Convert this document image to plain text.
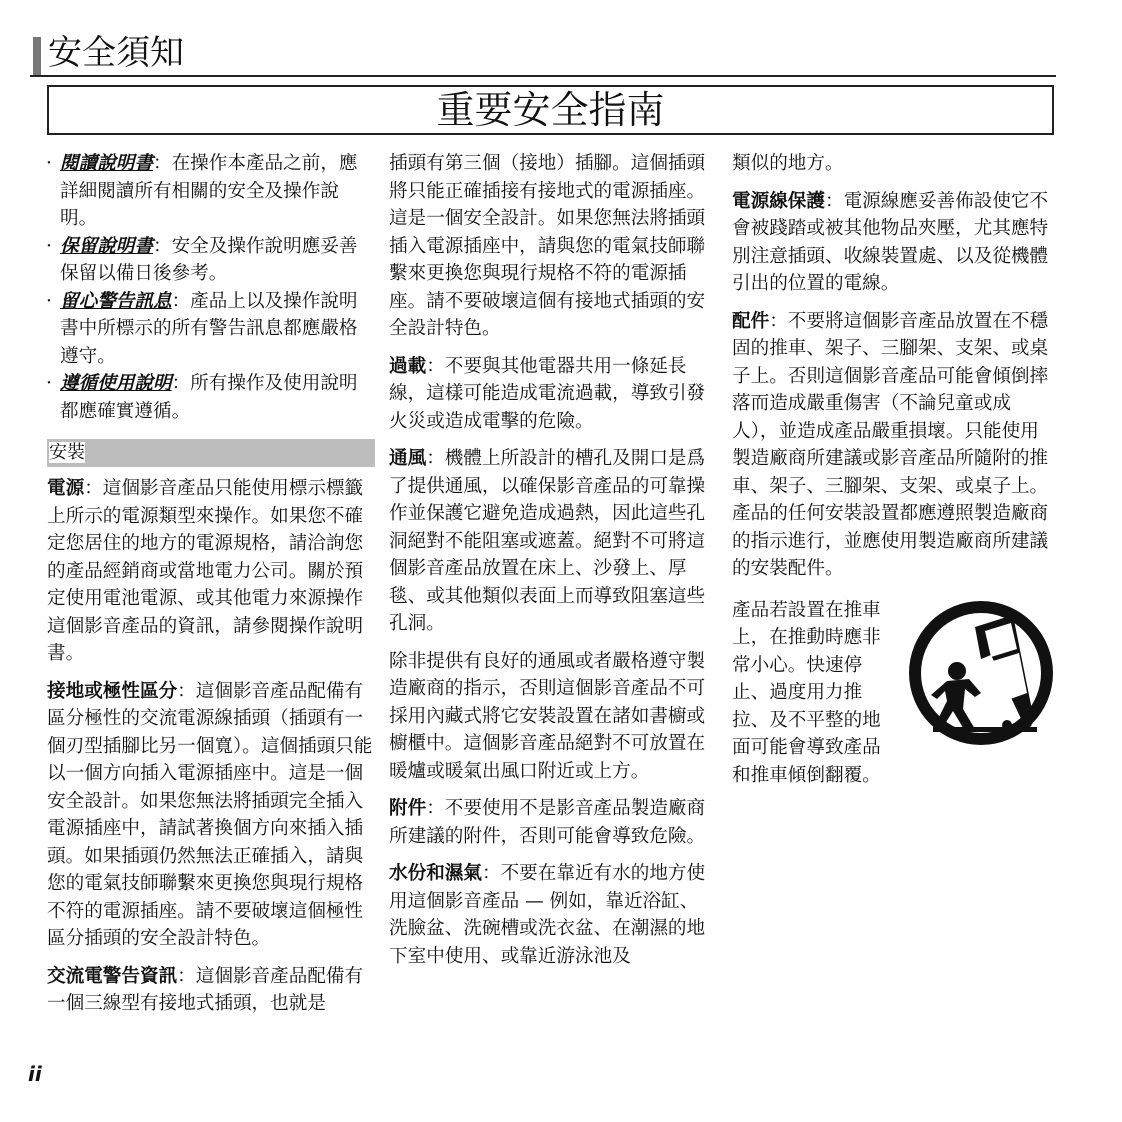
安全須知
重要安全指南

· 閱讀說明書：在操作本產品之前，應詳細閱讀所有相關的安全及操作說明。

· 保留說明書：安全及操作說明應妥善保留以備日後參考。

· 留心警告訊息：產品上以及操作說明書中所標示的所有警告訊息都應嚴格遵守。

· 遵循使用說明：所有操作及使用說明都應確實遵循。

安裝

電源：這個影音產品只能使用標示標籤上所示的電源類型來操作。如果您不確定您居住的地方的電源規格，請洽詢您的產品經銷商或當地電力公司。關於預定使用電池電源、或其他電力來源操作這個影音產品的資訊，請參閱操作說明書。

接地或極性區分：這個影音產品配備有區分極性的交流電源線插頭（插頭有一個刃型插腳比另一個寬）。這個插頭只能以一個方向插入電源插座中。這是一個安全設計。如果您無法將插頭完全插入電源插座中，請試著換個方向來插入插頭。如果插頭仍然無法正確插入，請與您的電氣技師聯繫來更換您與現行規格不符的電源插座。請不要破壞這個極性區分插頭的安全設計特色。

交流電警告資訊：這個影音產品配備有一個三線型有接地式插頭，也就是

插頭有第三個（接地）插腳。這個插頭將只能正確插接有接地式的電源插座。這是一個安全設計。如果您無法將插頭插入電源插座中，請與您的電氣技師聯繫來更換您與現行規格不符的電源插座。請不要破壞這個有接地式插頭的安全設計特色。

過載：不要與其他電器共用一條延長線，這樣可能造成電流過載，導致引發火災或造成電擊的危險。

通風：機體上所設計的槽孔及開口是爲了提供通風，以確保影音產品的可靠操作並保護它避免造成過熱，因此這些孔洞絕對不能阻塞或遮蓋。絕對不可將這個影音產品放置在床上、沙發上、厚毯、或其他類似表面上而導致阻塞這些孔洞。

除非提供有良好的通風或者嚴格遵守製造廠商的指示，否則這個影音產品不可採用內藏式將它安裝設置在諸如書櫥或櫥櫃中。這個影音產品絕對不可放置在暖爐或暖氣出風口附近或上方。

附件：不要使用不是影音產品製造廠商所建議的附件，否則可能會導致危險。

水份和濕氣：不要在靠近有水的地方使用這個影音產品 — 例如，靠近浴缸、洗臉盆、洗碗槽或洗衣盆、在潮濕的地下室中使用、或靠近游泳池及

類似的地方。

電源線保護：電源線應妥善佈設使它不會被踐踏或被其他物品夾壓，尤其應特別注意插頭、收線裝置處、以及從機體引出的位置的電線。

配件：不要將這個影音產品放置在不穩固的推車、架子、三腳架、支架、或桌子上。否則這個影音產品可能會傾倒摔落而造成嚴重傷害（不論兒童或成人），並造成產品嚴重損壞。只能使用製造廠商所建議或影音產品所隨附的推車、架子、三腳架、支架、或桌子上。產品的任何安裝設置都應遵照製造廠商的指示進行，並應使用製造廠商所建議的安裝配件。

產品若設置在推車上，在推動時應非常小心。快速停止、過度用力推拉、及不平整的地面可能會導致產品和推車傾倒翻覆。

ii
